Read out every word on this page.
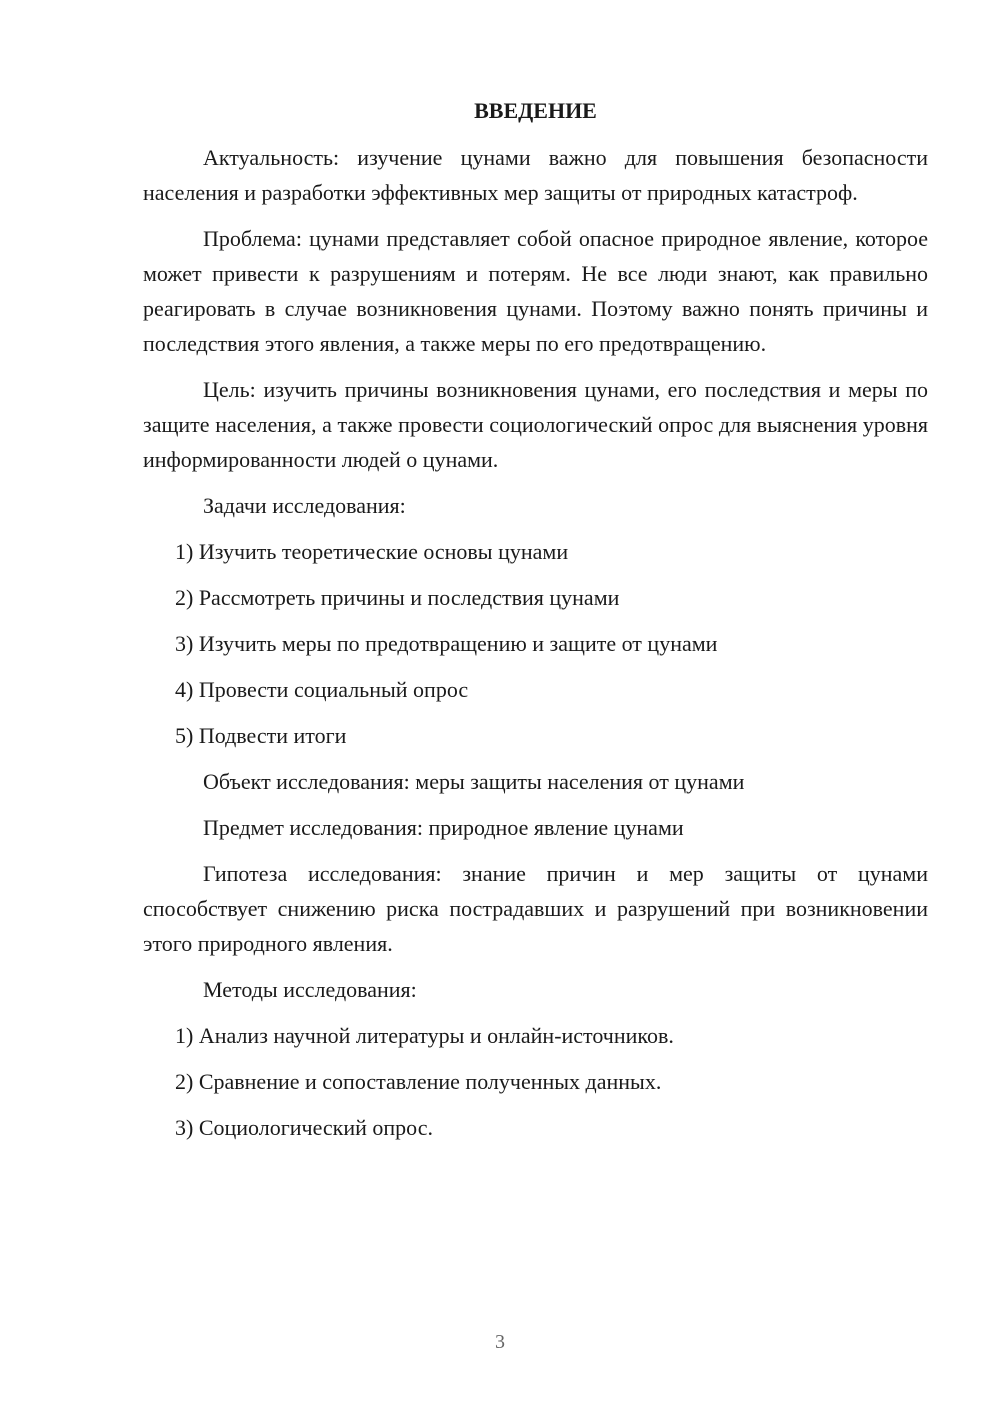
ВВЕДЕНИЕ

Актуальность: изучение цунами важно для повышения безопасности населения и разработки эффективных мер защиты от природных катастроф.

Проблема: цунами представляет собой опасное природное явление, которое может привести к разрушениям и потерям. Не все люди знают, как правильно реагировать в случае возникновения цунами. Поэтому важно понять причины и последствия этого явления, а также меры по его предотвращению.

Цель: изучить причины возникновения цунами, его последствия и меры по защите населения, а также провести социологический опрос для выяснения уровня информированности людей о цунами.

Задачи исследования:

1) Изучить теоретические основы цунами
2) Рассмотреть причины и последствия цунами
3) Изучить меры по предотвращению и защите от цунами
4) Провести социальный опрос
5) Подвести итоги

Объект исследования: меры защиты населения от цунами

Предмет исследования: природное явление цунами

Гипотеза исследования: знание причин и мер защиты от цунами способствует снижению риска пострадавших и разрушений при возникновении этого природного явления.

Методы исследования:

1) Анализ научной литературы и онлайн-источников.
2) Сравнение и сопоставление полученных данных.
3) Социологический опрос.
3
